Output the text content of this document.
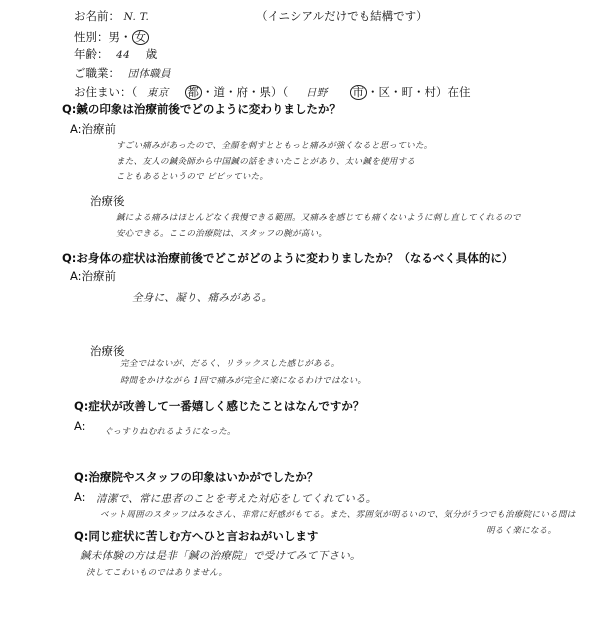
お名前： N. T.	（イニシアルだけでも結構です）
性別：男・ 女
年齢： 44 歳
ご職業： 団体職員
お住まい：（ 東京 都 ・道・府・県）（ 日野 市 ・区・町・村）在住
Q:鍼の印象は治療前後でどのように変わりましたか？
A:治療前
すごい痛みがあったので、全顔を刺すとともっと痛みが強くなると思っていた。
また、友人の鍼灸師から中国鍼の話をきいたことがあり、太い鍼を使用する
こともあるというので ビビッていた。
治療後
鍼による痛みはほとんどなく我慢できる範囲。又痛みを感じても痛くないように刺し直してくれるので
安心できる。ここの治療院は、スタッフの腕が高い。
Q:お身体の症状は治療前後でどこがどのように変わりましたか？（なるべく具体的に）
A:治療前
全身に、凝り、痛みがある。
治療後
完全ではないが、だるく、リラックスした感じがある。
時間をかけながら 1回で痛みが完全に楽になるわけではない。
Q:症状が改善して一番嬉しく感じたことはなんですか？
A: ぐっすりねむれるようになった。
Q:治療院やスタッフの印象はいかがでしたか？
A: 清潔で、常に患者のことを考えた対応をしてくれている。
ベット周囲のスタッフはみなさん、非常に好感がもてる。また、雰囲気が明るいので、気分がうつでも治療院にいる間は
明るく楽になる。
Q:同じ症状に苦しむ方へひと言おねがいします
鍼未体験の方は是非「鍼の治療院」で受けてみて下さい。
決してこわいものではありません。
